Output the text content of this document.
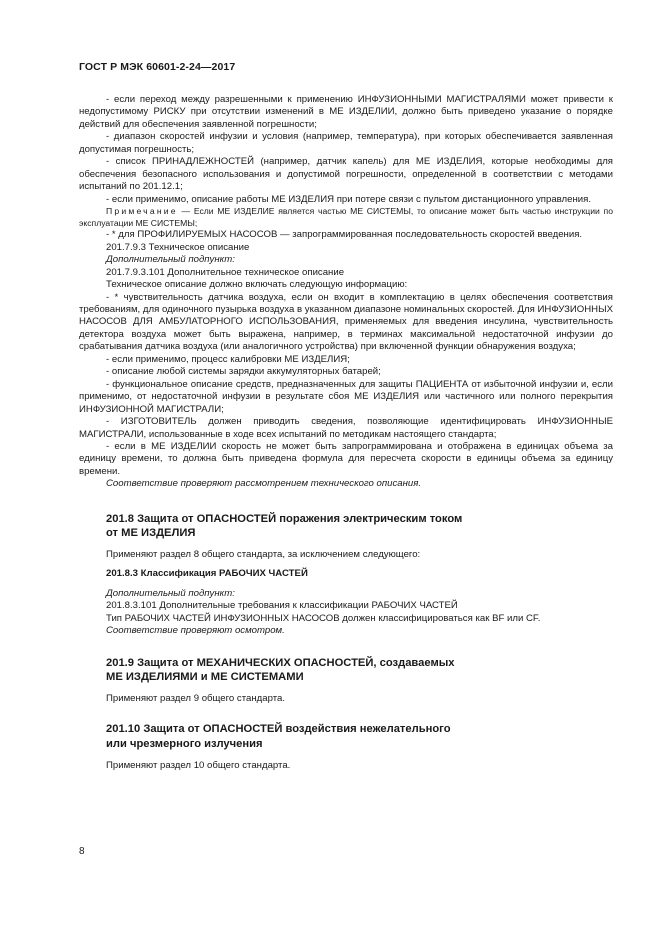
ГОСТ Р МЭК 60601-2-24—2017

- если переход между разрешенными к применению ИНФУЗИОННЫМИ МАГИСТРАЛЯМИ может привести к недопустимому РИСКУ при отсутствии изменений в МЕ ИЗДЕЛИИ, должно быть приведено указание о порядке действий для обеспечения заявленной погрешности;

- диапазон скоростей инфузии и условия (например, температура), при которых обеспечивается заявленная допустимая погрешность;

- список ПРИНАДЛЕЖНОСТЕЙ (например, датчик капель) для МЕ ИЗДЕЛИЯ, которые необходимы для обеспечения безопасного использования и допустимой погрешности, определенной в соответствии с методами испытаний по 201.12.1;

- если применимо, описание работы МЕ ИЗДЕЛИЯ при потере связи с пультом дистанционного управления.

Примечание — Если МЕ ИЗДЕЛИЕ является частью МЕ СИСТЕМЫ, то описание может быть частью инструкции по эксплуатации МЕ СИСТЕМЫ;

- * для ПРОФИЛИРУЕМЫХ НАСОСОВ — запрограммированная последовательность скоростей введения.

201.7.9.3 Техническое описание

Дополнительный подпункт:

201.7.9.3.101 Дополнительное техническое описание

Техническое описание должно включать следующую информацию:

- * чувствительность датчика воздуха, если он входит в комплектацию в целях обеспечения соответствия требованиям, для одиночного пузырька воздуха в указанном диапазоне номинальных скоростей. Для ИНФУЗИОННЫХ НАСОСОВ ДЛЯ АМБУЛАТОРНОГО ИСПОЛЬЗОВАНИЯ, применяемых для введения инсулина, чувствительность детектора воздуха может быть выражена, например, в терминах максимальной недостаточной инфузии до срабатывания датчика воздуха (или аналогичного устройства) при включенной функции обнаружения воздуха;

- если применимо, процесс калибровки МЕ ИЗДЕЛИЯ;

- описание любой системы зарядки аккумуляторных батарей;

- функциональное описание средств, предназначенных для защиты ПАЦИЕНТА от избыточной инфузии и, если применимо, от недостаточной инфузии в результате сбоя МЕ ИЗДЕЛИЯ или частичного или полного перекрытия ИНФУЗИОННОЙ МАГИСТРАЛИ;

- ИЗГОТОВИТЕЛЬ должен приводить сведения, позволяющие идентифицировать ИНФУЗИОННЫЕ МАГИСТРАЛИ, использованные в ходе всех испытаний по методикам настоящего стандарта;

- если в МЕ ИЗДЕЛИИ скорость не может быть запрограммирована и отображена в единицах объема за единицу времени, то должна быть приведена формула для пересчета скорости в единицы объема за единицу времени.

Соответствие проверяют рассмотрением технического описания.

201.8 Защита от ОПАСНОСТЕЙ поражения электрическим током
от МЕ ИЗДЕЛИЯ

Применяют раздел 8 общего стандарта, за исключением следующего:

201.8.3 Классификация РАБОЧИХ ЧАСТЕЙ

Дополнительный подпункт:

201.8.3.101 Дополнительные требования к классификации РАБОЧИХ ЧАСТЕЙ

Тип РАБОЧИХ ЧАСТЕЙ ИНФУЗИОННЫХ НАСОСОВ должен классифицироваться как BF или CF.

Соответствие проверяют осмотром.

201.9 Защита от МЕХАНИЧЕСКИХ ОПАСНОСТЕЙ, создаваемых
МЕ ИЗДЕЛИЯМИ и МЕ СИСТЕМАМИ

Применяют раздел 9 общего стандарта.

201.10 Защита от ОПАСНОСТЕЙ воздействия нежелательного
или чрезмерного излучения

Применяют раздел 10 общего стандарта.

8
